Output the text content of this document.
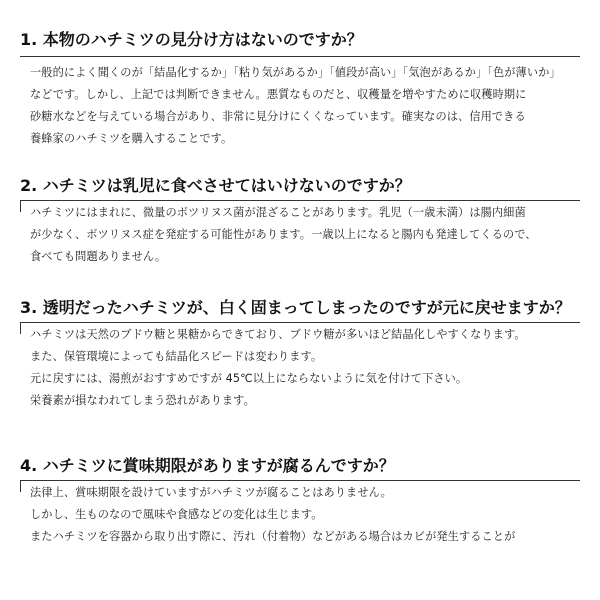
1. 本物のハチミツの見分け方はないのですか？
一般的によく聞くのが「結晶化するか」「粘り気があるか」「値段が高い」「気泡があるか」「色が薄いか」
などです。しかし、上記では判断できません。悪質なものだと、収穫量を増やすために収穫時期に
砂糖水などを与えている場合があり、非常に見分けにくくなっています。確実なのは、信用できる
養蜂家のハチミツを購入することです。
2. ハチミツは乳児に食べさせてはいけないのですか？
ハチミツにはまれに、微量のボツリヌス菌が混ざることがあります。乳児（一歳未満）は腸内細菌
が少なく、ボツリヌス症を発症する可能性があります。一歳以上になると腸内も発達してくるので、
食べても問題ありません。
3. 透明だったハチミツが、白く固まってしまったのですが元に戻せますか？
ハチミツは天然のブドウ糖と果糖からできており、ブドウ糖が多いほど結晶化しやすくなります。
また、保管環境によっても結晶化スピードは変わります。
元に戻すには、湯煎がおすすめですが 45℃以上にならないように気を付けて下さい。
栄養素が損なわれてしまう恐れがあります。
4. ハチミツに賞味期限がありますが腐るんですか？
法律上、賞味期限を設けていますがハチミツが腐ることはありません。
しかし、生ものなので風味や食感などの変化は生じます。
またハチミツを容器から取り出す際に、汚れ（付着物）などがある場合はカビが発生することが
